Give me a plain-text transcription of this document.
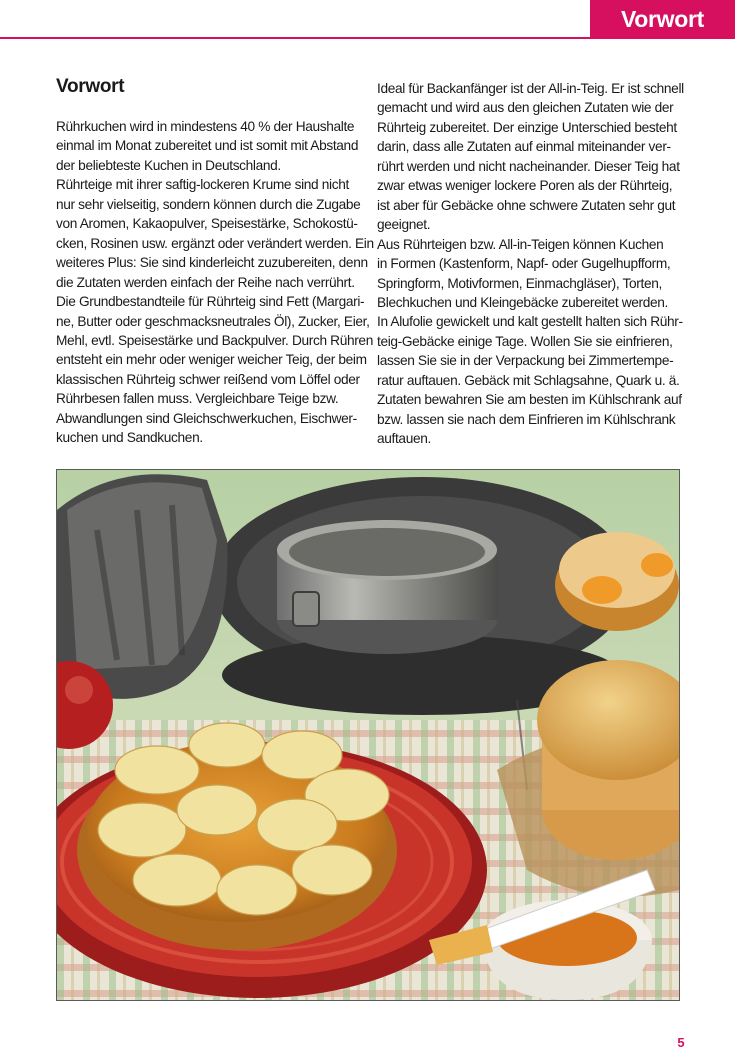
Vorwort
Vorwort
Rührkuchen wird in mindestens 40 % der Haushalte
einmal im Monat zubereitet und ist somit mit Abstand
der beliebteste Kuchen in Deutschland.
Rührteige mit ihrer saftig-lockeren Krume sind nicht
nur sehr vielseitig, sondern können durch die Zugabe
von Aromen, Kakaopulver, Speisestärke, Schokostü-
cken, Rosinen usw. ergänzt oder verändert werden. Ein
weiteres Plus: Sie sind kinderleicht zuzubereiten, denn
die Zutaten werden einfach der Reihe nach verrührt.
Die Grundbestandteile für Rührteig sind Fett (Margari-
ne, Butter oder geschmacksneutrales Öl), Zucker, Eier,
Mehl, evtl. Speisestärke und Backpulver. Durch Rühren
entsteht ein mehr oder weniger weicher Teig, der beim
klassischen Rührteig schwer reißend vom Löffel oder
Rührbesen fallen muss. Vergleichbare Teige bzw.
Abwandlungen sind Gleichschwerkuchen, Eischwer-
kuchen und Sandkuchen.
Ideal für Backanfänger ist der All-in-Teig. Er ist schnell
gemacht und wird aus den gleichen Zutaten wie der
Rührteig zubereitet. Der einzige Unterschied besteht
darin, dass alle Zutaten auf einmal miteinander ver-
rührt werden und nicht nacheinander. Dieser Teig hat
zwar etwas weniger lockere Poren als der Rührteig,
ist aber für Gebäcke ohne schwere Zutaten sehr gut
geeignet.
Aus Rührteigen bzw. All-in-Teigen können Kuchen
in Formen (Kastenform, Napf- oder Gugelhupfform,
Springform, Motivformen, Einmachgläser), Torten,
Blechkuchen und Kleingebäcke zubereitet werden.
In Alufolie gewickelt und kalt gestellt halten sich Rühr-
teig-Gebäcke einige Tage. Wollen Sie sie einfrieren,
lassen Sie sie in der Verpackung bei Zimmertempe-
ratur auftauen. Gebäck mit Schlagsahne, Quark u. ä.
Zutaten bewahren Sie am besten im Kühlschrank auf
bzw. lassen sie nach dem Einfrieren im Kühlschrank
auftauen.
5
